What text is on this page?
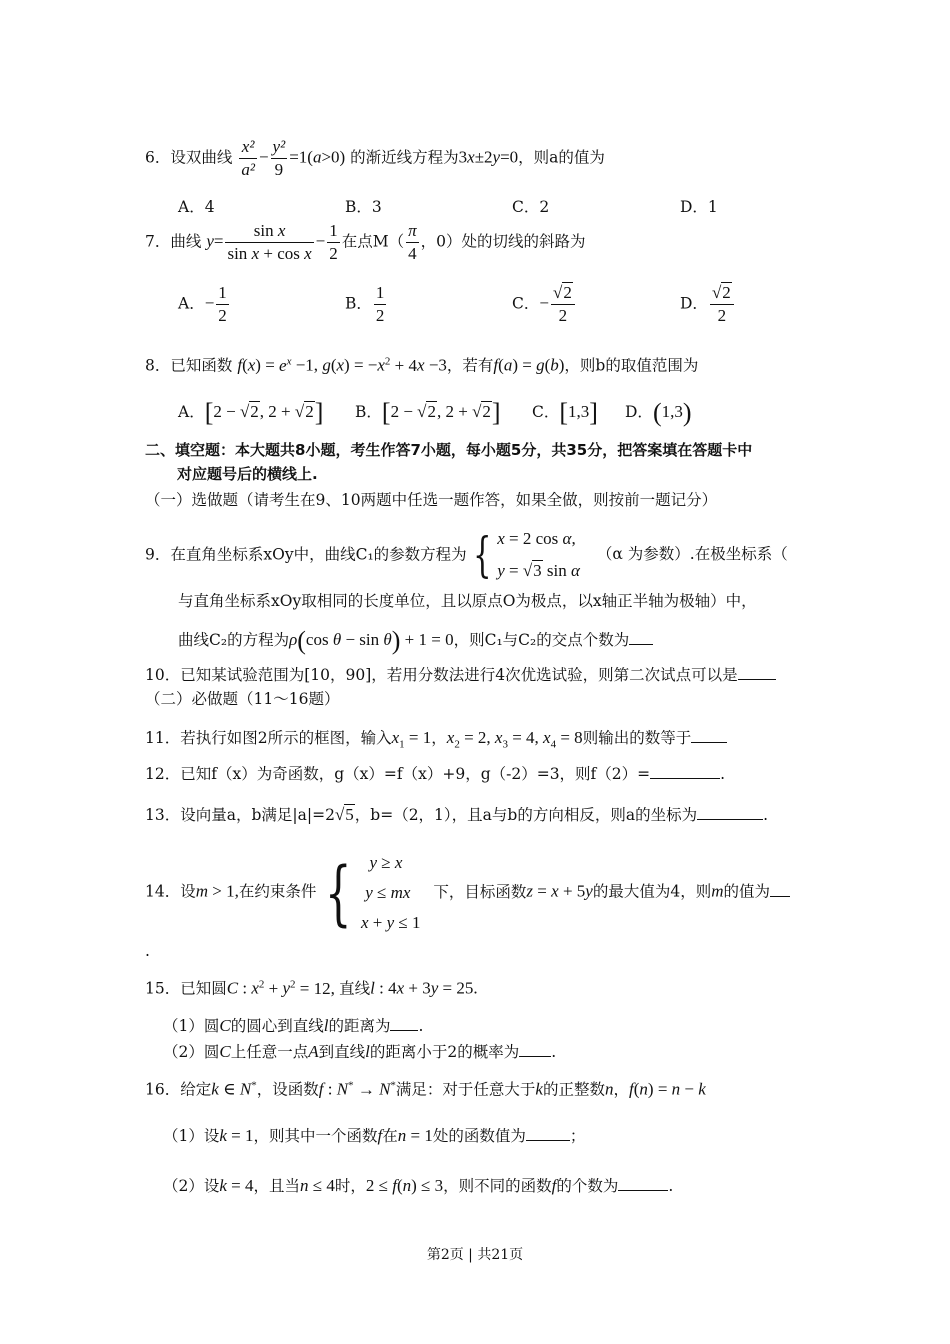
6．设双曲线 $\frac{\text{x²}}{\text{a²}} - \frac{\text{y²}}{9} =1(a>0)$ 的渐近线方程为3x±2y=0，则a的值为
A．4	B．3	C．2	D．1
7．曲线 $y= \frac{\text{sin x}}{\text{sin x + cos x}} - \frac{1}{2}$ 在点$M( \frac{\pi}{4}$ ，0）处的切线的斜路为
A．− $\frac{1}{2}$	B． $\frac{1}{2}$	C．− $\frac{√2}{2}$	D． $\frac{√2}{2}$
8．已知函数 $f(x) = e^x -1$, $g(x) = -x^2 + 4x -3$，若有f(a) = g(b)，则b的取值范围为
A．[2 − √2, 2 + √2] B．[2 − √2, 2 + √2] C．[1,3] D．(1,3)
二、填空题：本大题共8小题，考生作答7小题，每小题5分，共35分，把答案填在答题卡中
对应题号后的横线上.
（一）选做题（请考生在9、10两题中任选一题作答，如果全做，则按前一题记分）
9．在直角坐标系xOy中，曲线C₁的参数方程为 { x = 2 cos α,
y = √3 sin α （α 为参数）.在极坐标系（
与直角坐标系xOy取相同的长度单位，且以原点O为极点，以x轴正半轴为极轴）中，
曲线C₂的方程为ρ(cos θ − sin θ) + 1 = 0，则C₁与C₂的交点个数为
10．已知某试验范围为[10，90]，若用分数法进行4次优选试验，则第二次试点可以是
（二）必做题（11～16题）
11．若执行如图2所示的框图，输入$x_1 = 1$，$x_2 = 2$, $x_3 = 4$, $x_4 = 8$则输出的数等于
12．已知f（x）为奇函数，g（x）=f（x）+9，g（-2）=3，则f（2）=	.
13．设向量a，b满足|a|=2√5，b=（2，1），且a与b的方向相反，则a的坐标为	.
14．设m > 1,在约束条件 { y ≥ x
y ≤ mx
x + y ≤ 1 下，目标函数z = x + 5y的最大值为4，则m的值为
.
15．已知圆C : $x^2 + y^2 = 12$, 直线l : 4x + 3y = 25.
（1）圆C的圆心到直线l的距离为 .
（2）圆C上任意一点A到直线l的距离小于2的概率为 .
16．给定k ∈ N*，设函数f : N* → N*满足：对于任意大于k的正整数n，f(n) = n − k
（1）设k = 1，则其中一个函数f在n = 1处的函数值为	；
（2）设k = 4，且当n ≤ 4时，2 ≤ f(n) ≤ 3，则不同的函数f的个数为	.
第2页 | 共21页
